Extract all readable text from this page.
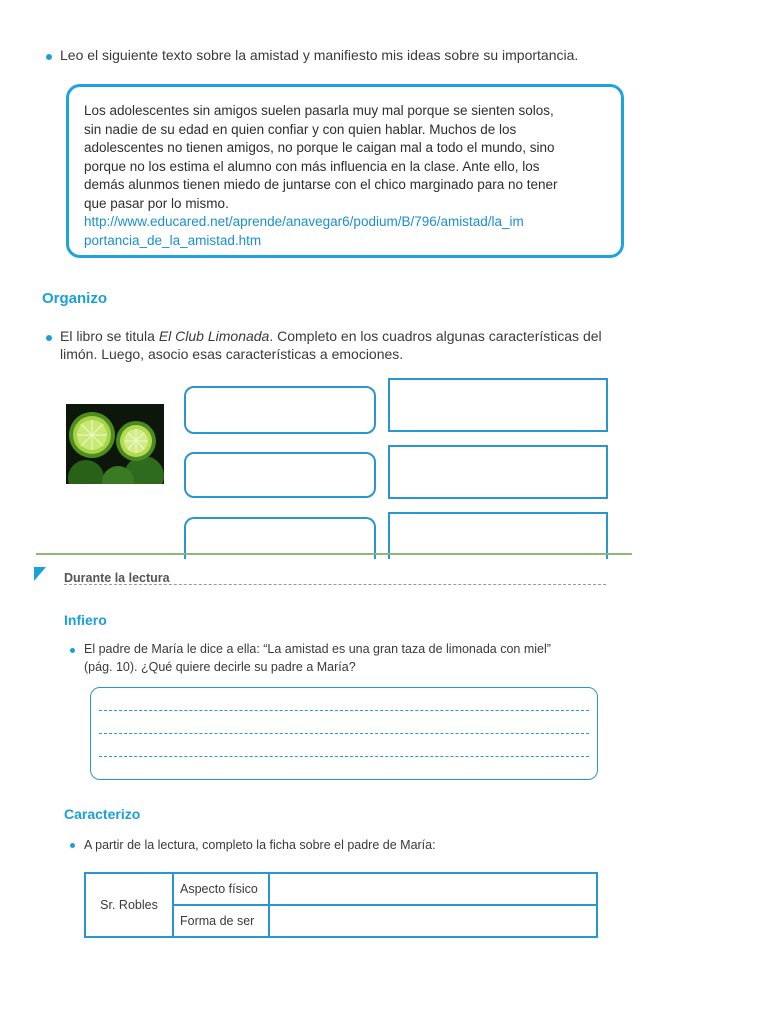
Leo el siguiente texto sobre la amistad y manifiesto mis ideas sobre su importancia.
Los adolescentes sin amigos suelen pasarla muy mal porque se sienten solos,
sin nadie de su edad en quien confiar y con quien hablar. Muchos de los
adolescentes no tienen amigos, no porque le caigan mal a todo el mundo, sino
porque no los estima el alumno con más influencia en la clase. Ante ello, los
demás alunmos tienen miedo de juntarse con el chico marginado para no tener
que pasar por lo mismo.
http://www.educared.net/aprende/anavegar6/podium/B/796/amistad/la_im
portancia_de_la_amistad.htm
Organizo
El libro se titula El Club Limonada. Completo en los cuadros algunas características del
limón. Luego, asocio esas características a emociones.
Durante la lectura
Infiero
El padre de María le dice a ella: “La amistad es una gran taza de limonada con miel”
(pág. 10). ¿Qué quiere decirle su padre a María?
Caracterizo
A partir de la lectura, completo la ficha sobre el padre de María:
Sr. Robles	Aspecto físico	
	Forma de ser	
